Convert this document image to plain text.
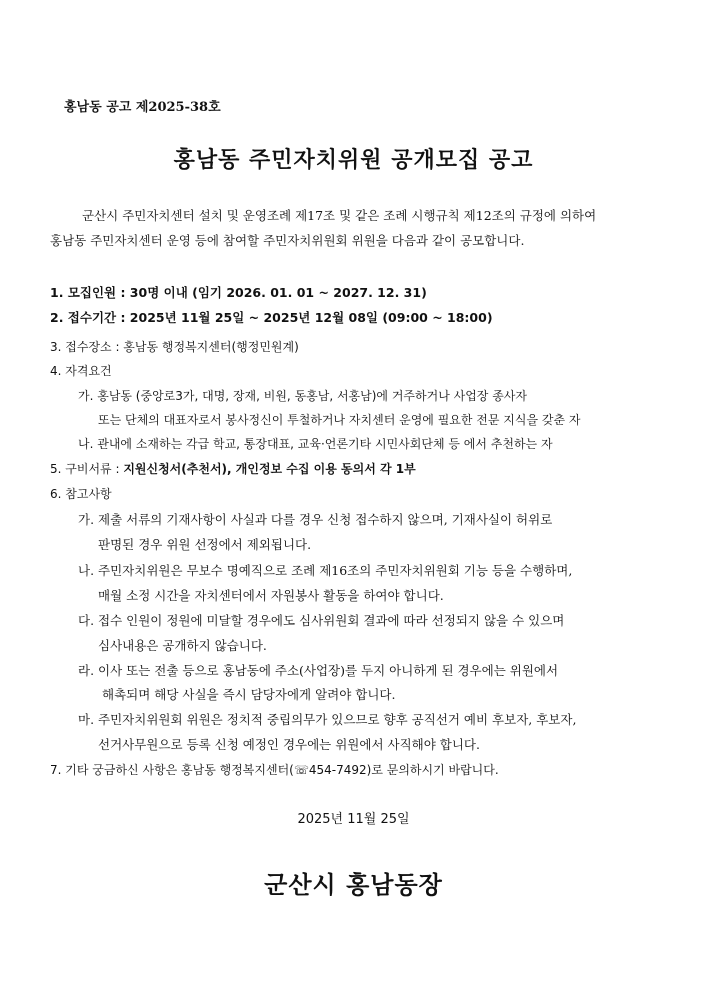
홍남동 공고 제2025-38호
홍남동 주민자치위원 공개모집 공고
군산시 주민자치센터 설치 및 운영조례 제17조 및 같은 조례 시행규칙 제12조의 규정에 의하여
홍남동 주민자치센터 운영 등에 참여할 주민자치위원회 위원을 다음과 같이 공모합니다.
1. 모집인원 : 30명 이내 (임기 2026. 01. 01 ~ 2027. 12. 31)
2. 접수기간 : 2025년 11월 25일 ~ 2025년 12월 08일 (09:00 ~ 18:00)
3. 접수장소 : 홍남동 행정복지센터(행정민원계)
4. 자격요건
가. 홍남동 (중앙로3가, 대명, 장재, 비원, 동홍남, 서홍남)에 거주하거나 사업장 종사자
또는 단체의 대표자로서 봉사정신이 투철하거나 자치센터 운영에 필요한 전문 지식을 갖춘 자
나. 관내에 소재하는 각급 학교, 통장대표, 교육·언론기타 시민사회단체 등 에서 추천하는 자
5. 구비서류 : 지원신청서(추천서), 개인정보 수집 이용 동의서 각 1부
6. 참고사항
가. 제출 서류의 기재사항이 사실과 다를 경우 신청 접수하지 않으며, 기재사실이 허위로
판명된 경우 위원 선정에서 제외됩니다.
나. 주민자치위원은 무보수 명예직으로 조례 제16조의 주민자치위원회 기능 등을 수행하며,
매월 소정 시간을 자치센터에서 자원봉사 활동을 하여야 합니다.
다. 접수 인원이 정원에 미달할 경우에도 심사위원회 결과에 따라 선정되지 않을 수 있으며
심사내용은 공개하지 않습니다.
라. 이사 또는 전출 등으로 홍남동에 주소(사업장)를 두지 아니하게 된 경우에는 위원에서
해촉되며 해당 사실을 즉시 담당자에게 알려야 합니다.
마. 주민자치위원회 위원은 정치적 중립의무가 있으므로 향후 공직선거 예비 후보자, 후보자,
선거사무원으로 등록 신청 예정인 경우에는 위원에서 사직해야 합니다.
7. 기타 궁금하신 사항은 홍남동 행정복지센터(☏454-7492)로 문의하시기 바랍니다.
2025년 11월 25일
군산시 홍남동장
